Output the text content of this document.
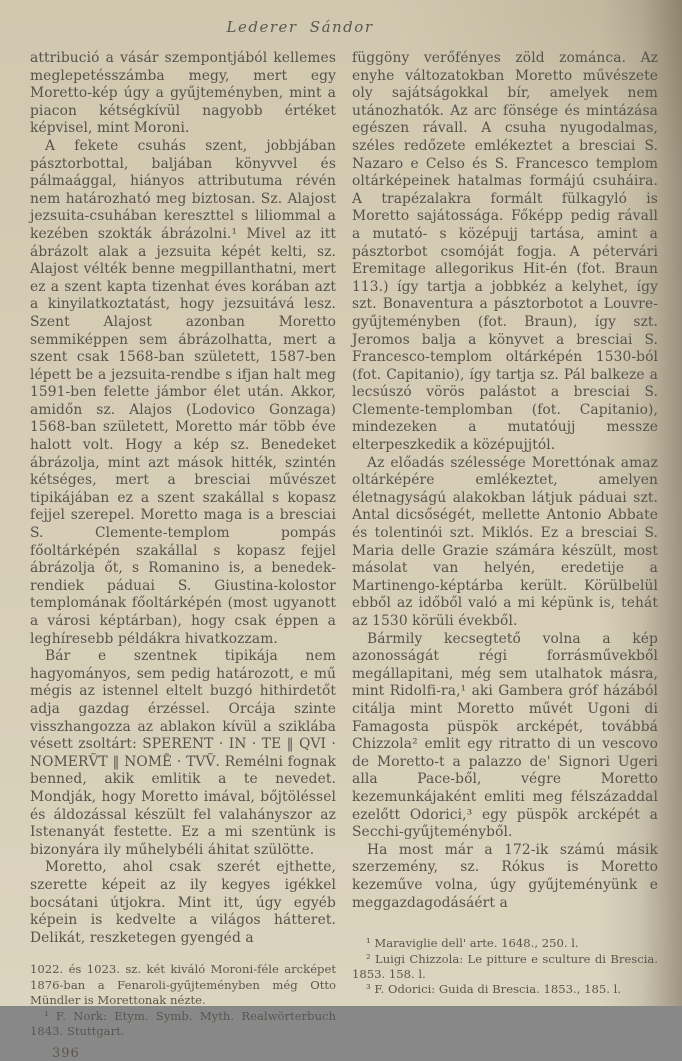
Lederer Sándor

attribució a vásár szempontjából kellemes meglepetésszámba megy, mert egy Moretto-kép úgy a gyűjteményben, mint a piacon kétségkívül nagyobb értéket képvisel, mint Moroni.

A fekete csuhás szent, jobbjában pásztorbottal, baljában könyvvel és pálmaággal, hiányos attributuma révén nem határozható meg biztosan. Sz. Alajost jezsuita-csuhában kereszttel s liliommal a kezében szokták ábrázolni.¹ Mivel az itt ábrázolt alak a jezsuita képét kelti, sz. Alajost vélték benne megpillanthatni, mert ez a szent kapta tizenhat éves korában azt a kinyilatkoztatást, hogy jezsuitává lesz. Szent Alajost azonban Moretto semmiképpen sem ábrázolhatta, mert a szent csak 1568-ban született, 1587-ben lépett be a jezsuita-rendbe s ifjan halt meg 1591-ben felette jámbor élet után. Akkor, amidőn sz. Alajos (Lodovico Gonzaga) 1568-ban született, Moretto már több éve halott volt. Hogy a kép sz. Benedeket ábrázolja, mint azt mások hitték, szintén kétséges, mert a bresciai művészet tipikájában ez a szent szakállal s kopasz fejjel szerepel. Moretto maga is a bresciai S. Clemente-templom pompás főoltárképén szakállal s kopasz fejjel ábrázolja őt, s Romanino is, a benedek-rendiek páduai S. Giustina-kolostor templomának főoltárképén (most ugyanott a városi képtárban), hogy csak éppen a leghíresebb példákra hivatkozzam.

Bár e szentnek tipikája nem hagyományos, sem pedig határozott, e mű mégis az istennel eltelt buzgó hithirdetőt adja gazdag érzéssel. Orcája szinte visszhangozza az ablakon kívül a sziklába vésett zsoltárt: SPERENT · IN · TE ‖ QVI · NOMERṼT ‖ NOMĒ · TVṼ. Remélni fognak benned, akik emlitik a te nevedet. Mondják, hogy Moretto imával, bőjtöléssel és áldozással készült fel valahányszor az Istenanyát festette. Ez a mi szentünk is bizonyára ily műhelybéli áhitat szülötte.

Moretto, ahol csak szerét ejthette, szerette képeit az ily kegyes igékkel bocsátani útjokra. Mint itt, úgy egyéb képein is kedvelte a világos hátteret. Delikát, reszketegen gyengéd a

1022. és 1023. sz. két kiváló Moroni-féle arcképet 1876-ban a Fenaroli-gyűjteményben még Otto Mündler is Morettonak nézte.

¹ F. Nork: Etym. Symb. Myth. Realwörterbuch 1843. Stuttgart.

396

függöny verőfényes zöld zománca. Az enyhe változatokban Moretto művészete oly sajátságokkal bír, amelyek nem utánozhatók. Az arc fönsége és mintázása egészen rávall. A csuha nyugodalmas, széles redőzete emlékeztet a bresciai S. Nazaro e Celso és S. Francesco templom oltárképeinek hatalmas formájú csuháira. A trapézalakra formált fülkagyló is Moretto sajátossága. Főképp pedig rávall a mutató- s középujj tartása, amint a pásztorbot csomóját fogja. A pétervári Eremitage allegorikus Hit-én (fot. Braun 113.) így tartja a jobbkéz a kelyhet, így szt. Bonaventura a pásztorbotot a Louvre-gyűjteményben (fot. Braun), így szt. Jeromos balja a könyvet a bresciai S. Francesco-templom oltárképén 1530-ból (fot. Capitanio), így tartja sz. Pál balkeze a lecsúszó vörös palástot a bresciai S. Clemente-templomban (fot. Capitanio), mindezeken a mutatóujj messze elterpeszkedik a középujjtól.

Az előadás szélessége Morettónak amaz oltárképére emlékeztet, amelyen életnagyságú alakokban látjuk páduai szt. Antal dicsőségét, mellette Antonio Abbate és tolentinói szt. Miklós. Ez a bresciai S. Maria delle Grazie számára készült, most másolat van helyén, eredetije a Martinengo-képtárba került. Körülbelül ebből az időből való a mi képünk is, tehát az 1530 körüli évekből.

Bármily kecsegtető volna a kép azonosságát régi forrásművekből megállapitani, még sem utalhatok másra, mint Ridolfi-ra,¹ aki Gambera gróf házából citálja mint Moretto művét Ugoni di Famagosta püspök arcképét, továbbá Chizzola² emlit egy ritratto di un vescovo de Moretto-t a palazzo de' Signori Ugeri alla Pace-ből, végre Moretto kezemunkájaként emliti meg félszázaddal ezelőtt Odorici,³ egy püspök arcképét a Secchi-gyűjteményből.

Ha most már a 172-ik számú másik szerzemény, sz. Rókus is Moretto kezeműve volna, úgy gyűjteményünk e meggazdagodásáért a

¹ Maraviglie dell' arte. 1648., 250. l.

² Luigi Chizzola: Le pitture e sculture di Brescia. 1853. 158. l.

³ F. Odorici: Guida di Brescia. 1853., 185. l.
